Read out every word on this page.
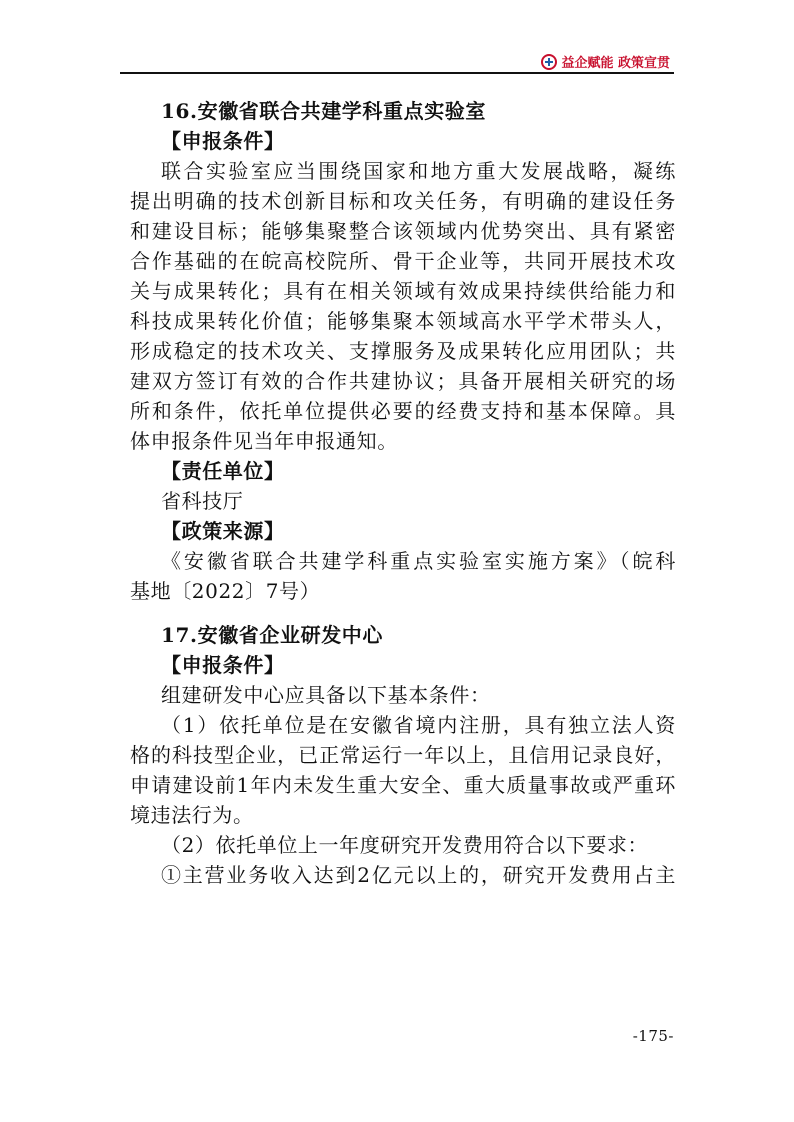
益企赋能 政策宣贯
16.安徽省联合共建学科重点实验室
【申报条件】
联合实验室应当围绕国家和地方重大发展战略，凝练
提出明确的技术创新目标和攻关任务，有明确的建设任务
和建设目标；能够集聚整合该领域内优势突出、具有紧密
合作基础的在皖高校院所、骨干企业等，共同开展技术攻
关与成果转化；具有在相关领域有效成果持续供给能力和
科技成果转化价值；能够集聚本领域高水平学术带头人，
形成稳定的技术攻关、支撑服务及成果转化应用团队；共
建双方签订有效的合作共建协议；具备开展相关研究的场
所和条件，依托单位提供必要的经费支持和基本保障。具
体申报条件见当年申报通知。
【责任单位】
省科技厅
【政策来源】
《安徽省联合共建学科重点实验室实施方案》（皖科
基地〔2022〕7号）
17.安徽省企业研发中心
【申报条件】
组建研发中心应具备以下基本条件：
（1）依托单位是在安徽省境内注册，具有独立法人资
格的科技型企业，已正常运行一年以上，且信用记录良好，
申请建设前1年内未发生重大安全、重大质量事故或严重环
境违法行为。
（2）依托单位上一年度研究开发费用符合以下要求：
①主营业务收入达到2亿元以上的，研究开发费用占主
-175-
